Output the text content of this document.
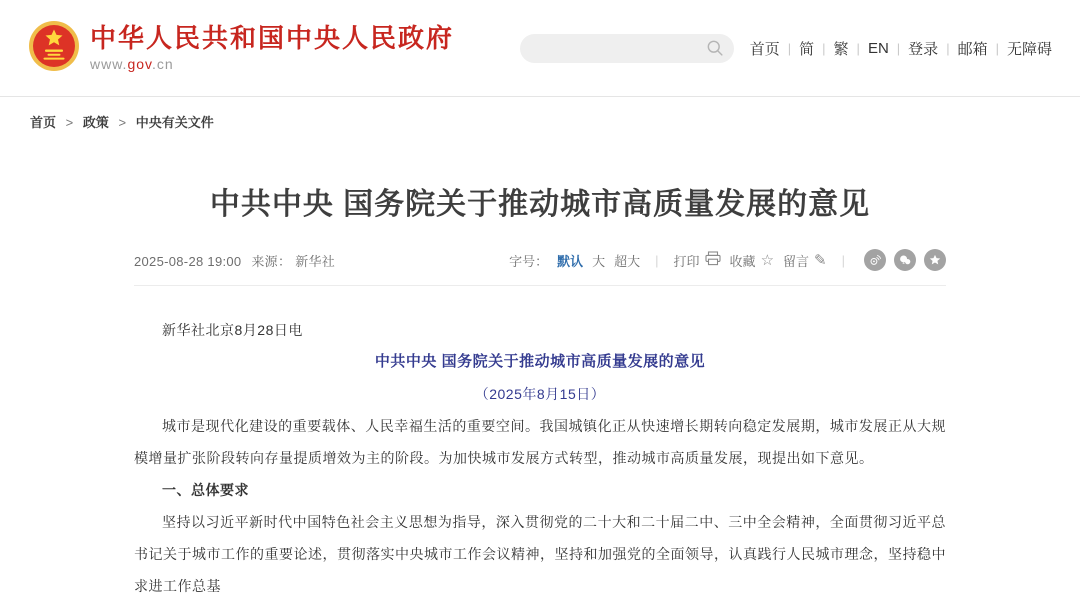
中华人民共和国中央人民政府
www.gov.cn
首页 | 简 | 繁 | EN | 登录 | 邮箱 | 无障碍
首页 > 政策 > 中央有关文件
中共中央 国务院关于推动城市高质量发展的意见
2025-08-28 19:00 来源： 新华社	字号： 默认 大 超大 | 打印 收藏 ☆ 留言 ✎ |

新华社北京8月28日电

中共中央 国务院关于推动城市高质量发展的意见

（2025年8月15日）

城市是现代化建设的重要载体、人民幸福生活的重要空间。我国城镇化正从快速增长期转向稳定发展期，城市发展正从大规模增量扩张阶段转向存量提质增效为主的阶段。为加快城市发展方式转型，推动城市高质量发展，现提出如下意见。

一、总体要求

坚持以习近平新时代中国特色社会主义思想为指导，深入贯彻党的二十大和二十届二中、三中全会精神，全面贯彻习近平总书记关于城市工作的重要论述，贯彻落实中央城市工作会议精神，坚持和加强党的全面领导，认真践行人民城市理念，坚持稳中求进工作总基
